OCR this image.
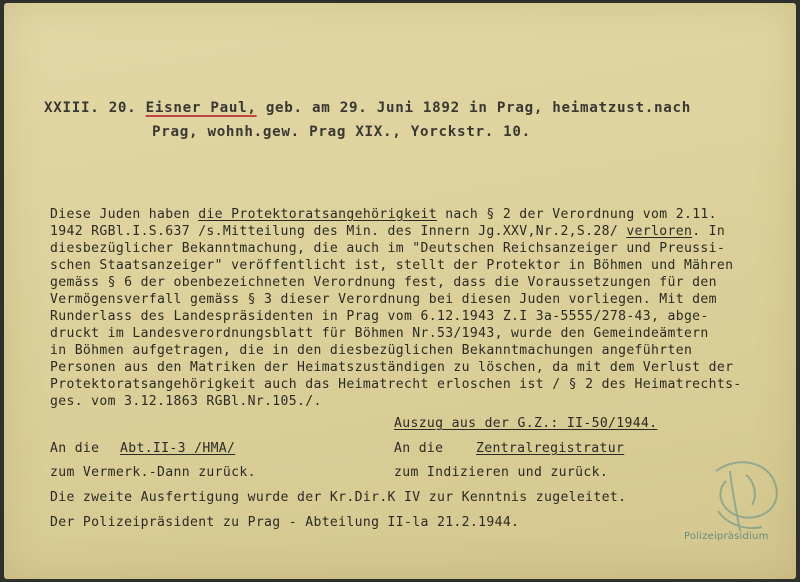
XXIII. 20. Eisner Paul, geb. am 29. Juni 1892 in Prag, heimatzust.nach
Prag, wohnh.gew. Prag XIX., Yorckstr. 10.
Diese Juden haben die Protektoratsangehörigkeit nach § 2 der Verordnung vom 2.11.
1942 RGBl.I.S.637 /s.Mitteilung des Min. des Innern Jg.XXV,Nr.2,S.28/ verloren. In
diesbezüglicher Bekanntmachung, die auch im "Deutschen Reichsanzeiger und Preussi-
schen Staatsanzeiger" veröffentlicht ist, stellt der Protektor in Böhmen und Mähren
gemäss § 6 der obenbezeichneten Verordnung fest, dass die Voraussetzungen für den
Vermögensverfall gemäss § 3 dieser Verordnung bei diesen Juden vorliegen. Mit dem
Runderlass des Landespräsidenten in Prag vom 6.12.1943 Z.I 3a-5555/278-43, abge-
druckt im Landesverordnungsblatt für Böhmen Nr.53/1943, wurde den Gemeindeämtern
in Böhmen aufgetragen, die in den diesbezüglichen Bekanntmachungen angeführten
Personen aus den Matriken der Heimatszuständigen zu löschen, da mit dem Verlust der
Protektoratsangehörigkeit auch das Heimatrecht erloschen ist / § 2 des Heimatrechts-
ges. vom 3.12.1863 RGBl.Nr.105./.
Auszug aus der G.Z.: II-50/1944.
An die Abt.II-3 /HMA/
zum Vermerk.-Dann zurück.
An die Zentralregistratur
zum Indizieren und zurück.
Die zweite Ausfertigung wurde der Kr.Dir.K IV zur Kenntnis zugeleitet.
Der Polizeipräsident zu Prag - Abteilung II-la 21.2.1944.
Polizeipräsidium
